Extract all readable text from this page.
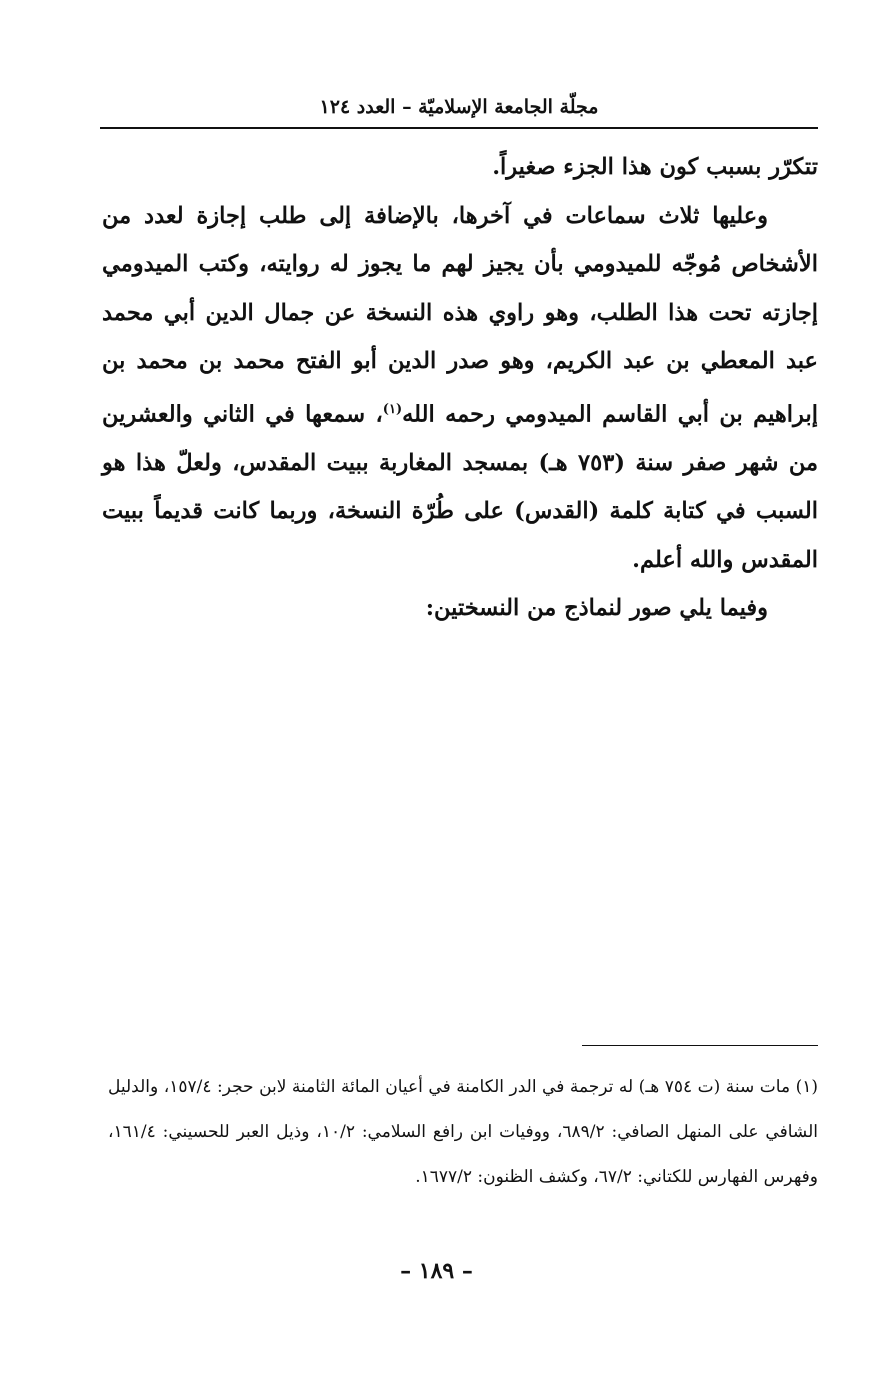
مجلّة الجامعة الإسلاميّة – العدد ١٢٤

تتكرّر بسبب كون هذا الجزء صغيراً.

وعليها ثلاث سماعات في آخرها، بالإضافة إلى طلب إجازة لعدد من الأشخاص مُوجّه للميدومي بأن يجيز لهم ما يجوز له روايته، وكتب الميدومي إجازته تحت هذا الطلب، وهو راوي هذه النسخة عن جمال الدين أبي محمد عبد المعطي بن عبد الكريم، وهو صدر الدين أبو الفتح محمد بن محمد بن إبراهيم بن أبي القاسم الميدومي رحمه الله$^{(١)}$، سمعها في الثاني والعشرين من شهر صفر سنة (٧٥٣ هـ) بمسجد المغاربة ببيت المقدس، ولعلّ هذا هو السبب في كتابة كلمة (القدس) على طُرّة النسخة، وربما كانت قديماً ببيت المقدس والله أعلم.

وفيما يلي صور لنماذج من النسختين:

(١) مات سنة (ت ٧٥٤ هـ) له ترجمة في الدر الكامنة في أعيان المائة الثامنة لابن حجر: ١٥٧/٤، والدليل الشافي على المنهل الصافي: ٦٨٩/٢، ووفيات ابن رافع السلامي: ١٠/٢، وذيل العبر للحسيني: ١٦١/٤، وفهرس الفهارس للكتاني: ٦٧/٢، وكشف الظنون: ١٦٧٧/٢.

– ١٨٩ –
